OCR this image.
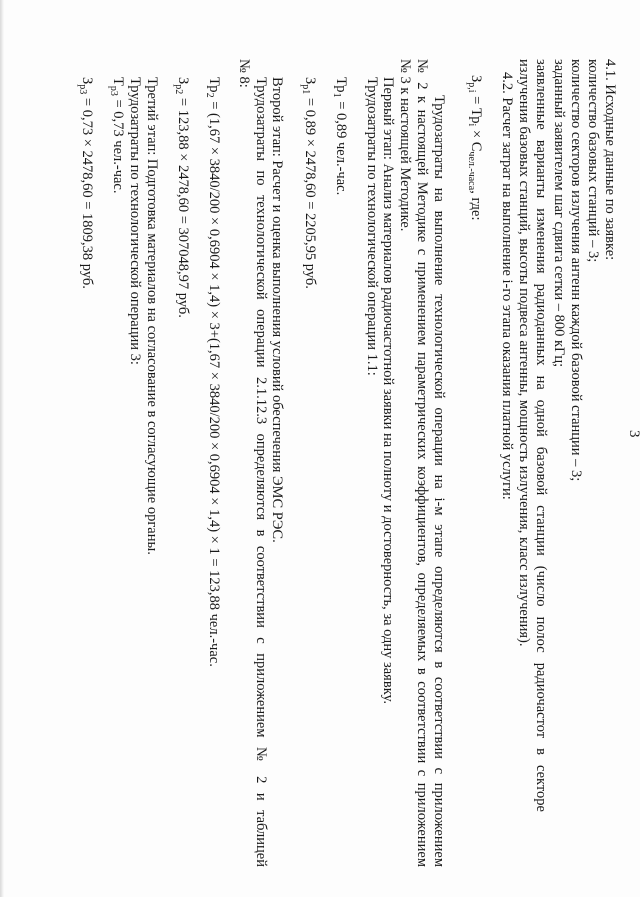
3
4.1. Исходные данные по заявке:
количество базовых станций – 3;
количество секторов излучения антенн каждой базовой станции – 3;
заданный заявителем шаг сдвига сетки – 800 кГц;
заявленные варианты изменения радиоданных на одной базовой станции (число полос радиочастот в секторе
излучения базовых станций, высоты подвеса антенны, мощность излучения, класс излучения).
4.2. Расчет затрат на выполнение i-го этапа оказания платной услуги:
$З_{р,i} = Тр_i \times С_{чел.-часа}$, где:
Трудозатраты на выполнение технологической операции на i-м этапе определяются в соответствии с приложением
№ 2 к настоящей Методике с применением параметрических коэффициентов, определяемых в соответствии с приложением
№ 3 к настоящей Методике.
Первый этап: Анализ материалов радиочастотной заявки на полноту и достоверность, за одну заявку.
Трудозатраты по технологической операции 1.1:
$Тр_1 = 0,89$ чел.-час.
$З_{р1} = 0,89 \times 2478,60 = 2205,95$ руб.
Второй этап: Расчет и оценка выполнения условий обеспечения ЭМС РЭС.
Трудозатраты по технологической операции 2.1.12.3 определяются в соответствии с приложением № 2 и таблицей
№ 8:
$Тр_2 = (1,67 \times 3840/200 \times 0,6904 \times 1,4) \times 3+(1,67 \times 3840/200 \times 0,6904 \times 1,4) \times 1 = 123,88$ чел.-час.
$З_{р2} = 123,88 \times 2478,60 = 307048,97$ руб.
Третий этап: Подготовка материалов на согласование в согласующие органы.
Трудозатраты по технологической операции 3:
$Т_{р3} = 0,73$ чел.-час.
$З_{р3} = 0,73 \times 2478,60 = 1809,38$ руб.
